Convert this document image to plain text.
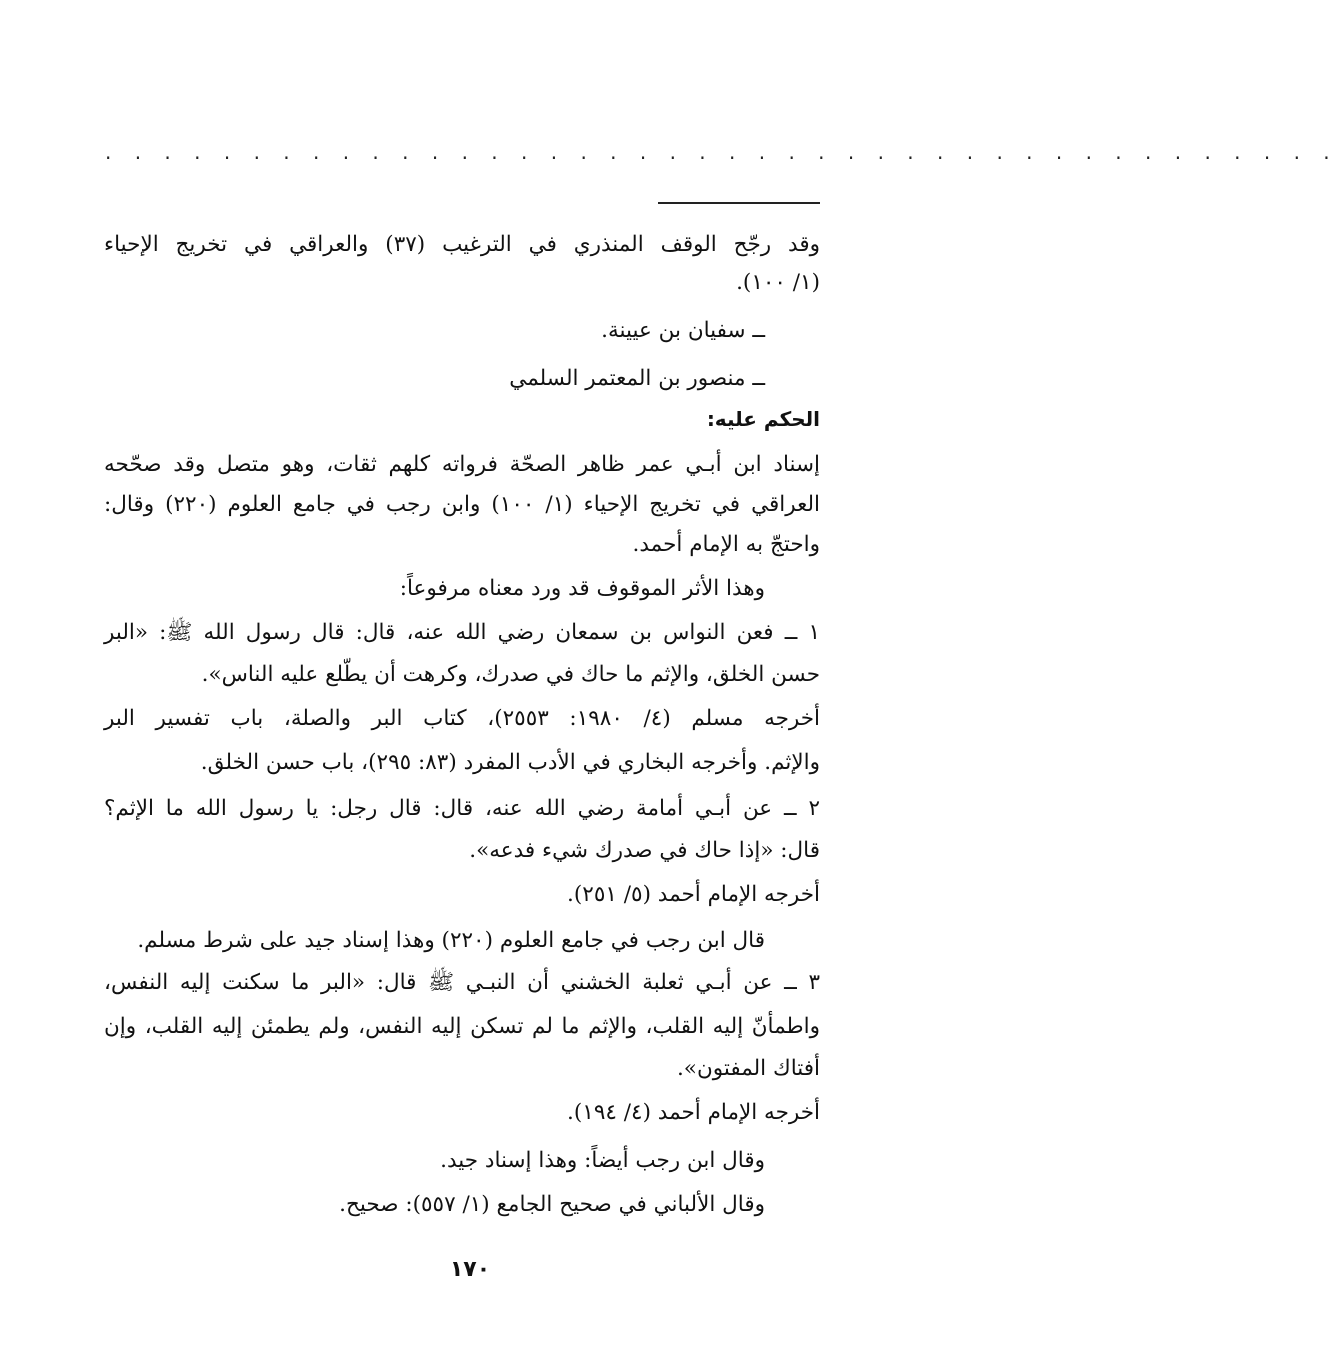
. . . . . . . . . . . . . . . . . . . . . . . . . . . . . . . . . . . . . . . . . .
وقد رجّح الوقف المنذري في الترغيب (٣٧) والعراقي في تخريج الإحياء
(١/ ١٠٠).
ــ سفيان بن عيينة.
ــ منصور بن المعتمر السلمي
الحكم عليه:
إسناد ابن أبـي عمر ظاهر الصحّة فرواته كلهم ثقات، وهو متصل وقد صحّحه
العراقي في تخريج الإحياء (١/ ١٠٠) وابن رجب في جامع العلوم (٢٢٠) وقال:
واحتجّ به الإمام أحمد.
وهذا الأثر الموقوف قد ورد معناه مرفوعاً:
١ ــ فعن النواس بن سمعان رضي الله عنه، قال: قال رسول الله ﷺ: «البر
حسن الخلق، والإثم ما حاك في صدرك، وكرهت أن يطّلع عليه الناس».
أخرجه مسلم (٤/ ١٩٨٠: ٢٥٥٣)، كتاب البر والصلة، باب تفسير البر
والإثم. وأخرجه البخاري في الأدب المفرد (٨٣: ٢٩٥)، باب حسن الخلق.
٢ ــ عن أبـي أمامة رضي الله عنه، قال: قال رجل: يا رسول الله ما الإثم؟
قال: «إذا حاك في صدرك شيء فدعه».
أخرجه الإمام أحمد (٥/ ٢٥١).
قال ابن رجب في جامع العلوم (٢٢٠) وهذا إسناد جيد على شرط مسلم.
٣ ــ عن أبـي ثعلبة الخشني أن النبـي ﷺ قال: «البر ما سكنت إليه النفس،
واطمأنّ إليه القلب، والإثم ما لم تسكن إليه النفس، ولم يطمئن إليه القلب، وإن
أفتاك المفتون».
أخرجه الإمام أحمد (٤/ ١٩٤).
وقال ابن رجب أيضاً: وهذا إسناد جيد.
وقال الألباني في صحيح الجامع (١/ ٥٥٧): صحيح.
١٧٠
